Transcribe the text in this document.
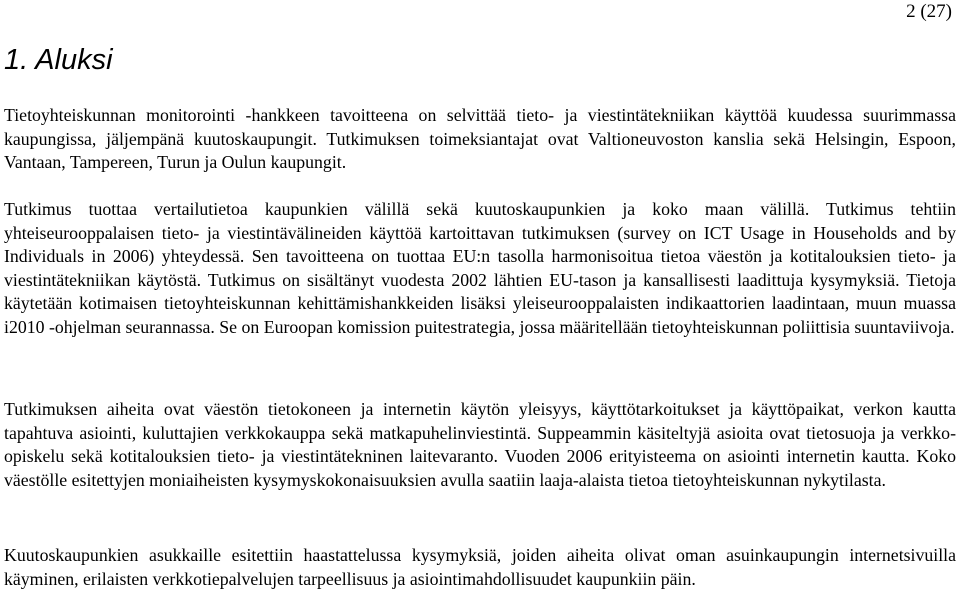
2 (27)
1. Aluksi

Tietoyhteiskunnan monitorointi -hankkeen tavoitteena on selvittää tieto- ja viestintätekniikan käyttöä kuudessa suurimmassa kaupungissa, jäljempänä kuutoskaupungit. Tutkimuksen toimeksiantajat ovat Valtioneuvoston kanslia sekä Helsingin, Espoon, Vantaan, Tampereen, Turun ja Oulun kaupungit.

Tutkimus tuottaa vertailutietoa kaupunkien välillä sekä kuutoskaupunkien ja koko maan välillä. Tutkimus tehtiin yhteiseurooppalaisen tieto- ja viestintävälineiden käyttöä kartoittavan tutkimuksen (survey on ICT Usage in Households and by Individuals in 2006) yhteydessä. Sen tavoitteena on tuottaa EU:n tasolla harmonisoitua tietoa väestön ja kotitalouksien tieto- ja viestintätekniikan käytöstä. Tutkimus on sisältänyt vuodesta 2002 lähtien EU-tason ja kansallisesti laadittuja kysymyksiä. Tietoja käytetään kotimaisen tietoyhteiskunnan kehittämishankkeiden lisäksi yleiseurooppalaisten indikaattorien laadintaan, muun muassa i2010 -ohjelman seurannassa. Se on Euroopan komission puitestrategia, jossa määritellään tietoyhteiskunnan poliittisia suuntaviivoja.

Tutkimuksen aiheita ovat väestön tietokoneen ja internetin käytön yleisyys, käyttötarkoitukset ja käyttöpaikat, verkon kautta tapahtuva asiointi, kuluttajien verkkokauppa sekä matkapuhelinviestintä. Suppeammin käsiteltyjä asioita ovat tietosuoja ja verkko-opiskelu sekä kotitalouksien tieto- ja viestintätekninen laitevaranto. Vuoden 2006 erityisteema on asiointi internetin kautta. Koko väestölle esitettyjen moniaiheisten kysymyskokonaisuuksien avulla saatiin laaja-alaista tietoa tietoyhteiskunnan nykytilasta.

Kuutoskaupunkien asukkaille esitettiin haastattelussa kysymyksiä, joiden aiheita olivat oman asuinkaupungin internetsivuilla käyminen, erilaisten verkkotiepalvelujen tarpeellisuus ja asiointimahdollisuudet kaupunkiin päin.
